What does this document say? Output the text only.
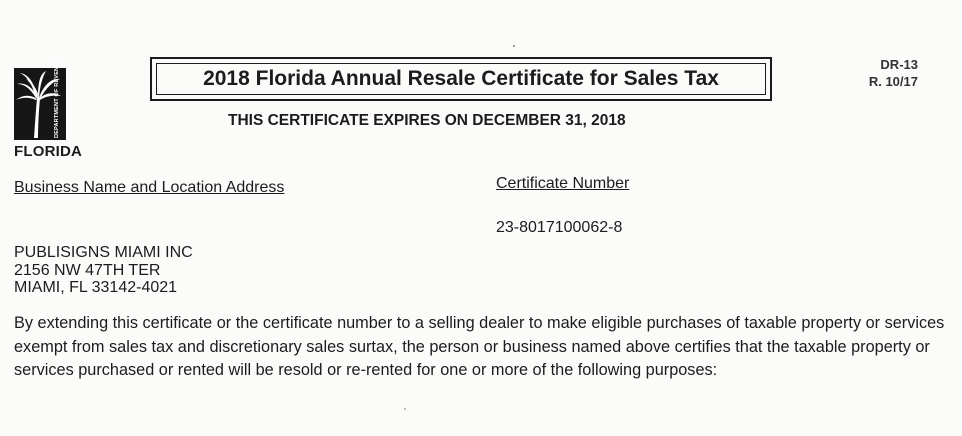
DEPARTMENT OF REVENUE
FLORIDA
2018 Florida Annual Resale Certificate for Sales Tax
DR-13
R. 10/17
THIS CERTIFICATE EXPIRES ON DECEMBER 31, 2018
Business Name and Location Address	Certificate Number
23-8017100062-8
PUBLISIGNS MIAMI INC
2156 NW 47TH TER
MIAMI, FL 33142-4021
By extending this certificate or the certificate number to a selling dealer to make eligible purchases of taxable property or services exempt from sales tax and discretionary sales surtax, the person or business named above certifies that the taxable property or services purchased or rented will be resold or re-rented for one or more of the following purposes:
